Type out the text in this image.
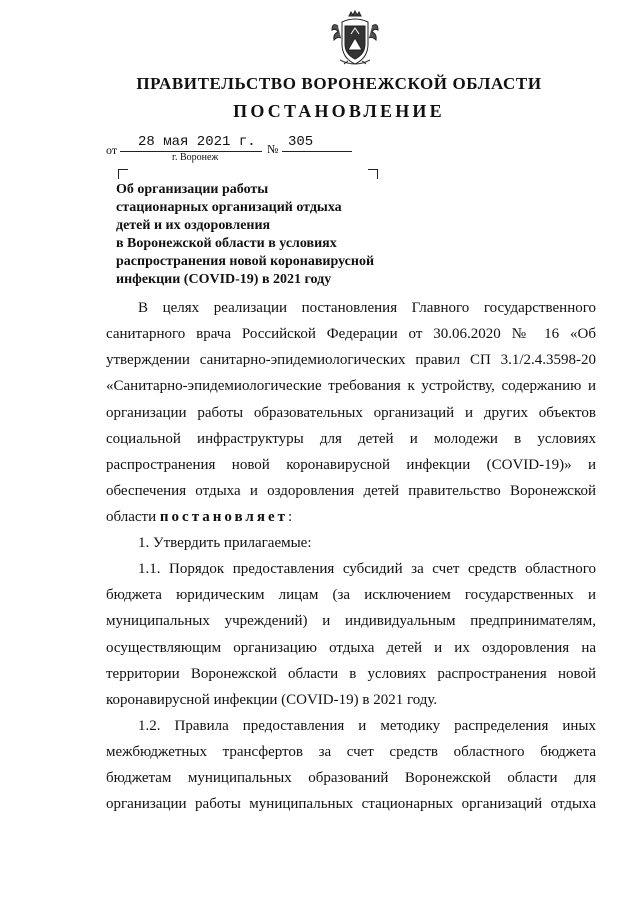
ПРАВИТЕЛЬСТВО ВОРОНЕЖСКОЙ ОБЛАСТИ
ПОСТАНОВЛЕНИЕ
от 28 мая 2021 г. № 305
г. Воронеж
Об организации работы
стационарных организаций отдыха
детей и их оздоровления
в Воронежской области в условиях
распространения новой коронавирусной
инфекции (COVID-19) в 2021 году
В целях реализации постановления Главного государственного
санитарного врача Российской Федерации от 30.06.2020 № 16 «Об
утверждении санитарно-эпидемиологических правил СП 3.1/2.4.3598-20
«Санитарно-эпидемиологические требования к устройству, содержанию и
организации работы образовательных организаций и других объектов
социальной инфраструктуры для детей и молодежи в условиях
распространения новой коронавирусной инфекции (COVID-19)» и
обеспечения отдыха и оздоровления детей правительство Воронежской
области постановляет:
1. Утвердить прилагаемые:
1.1. Порядок предоставления субсидий за счет средств областного
бюджета юридическим лицам (за исключением государственных и
муниципальных учреждений) и индивидуальным предпринимателям,
осуществляющим организацию отдыха детей и их оздоровления на
территории Воронежской области в условиях распространения новой
коронавирусной инфекции (COVID-19) в 2021 году.
1.2. Правила предоставления и методику распределения иных
межбюджетных трансфертов за счет средств областного бюджета
бюджетам муниципальных образований Воронежской области для
организации работы муниципальных стационарных организаций отдыха
